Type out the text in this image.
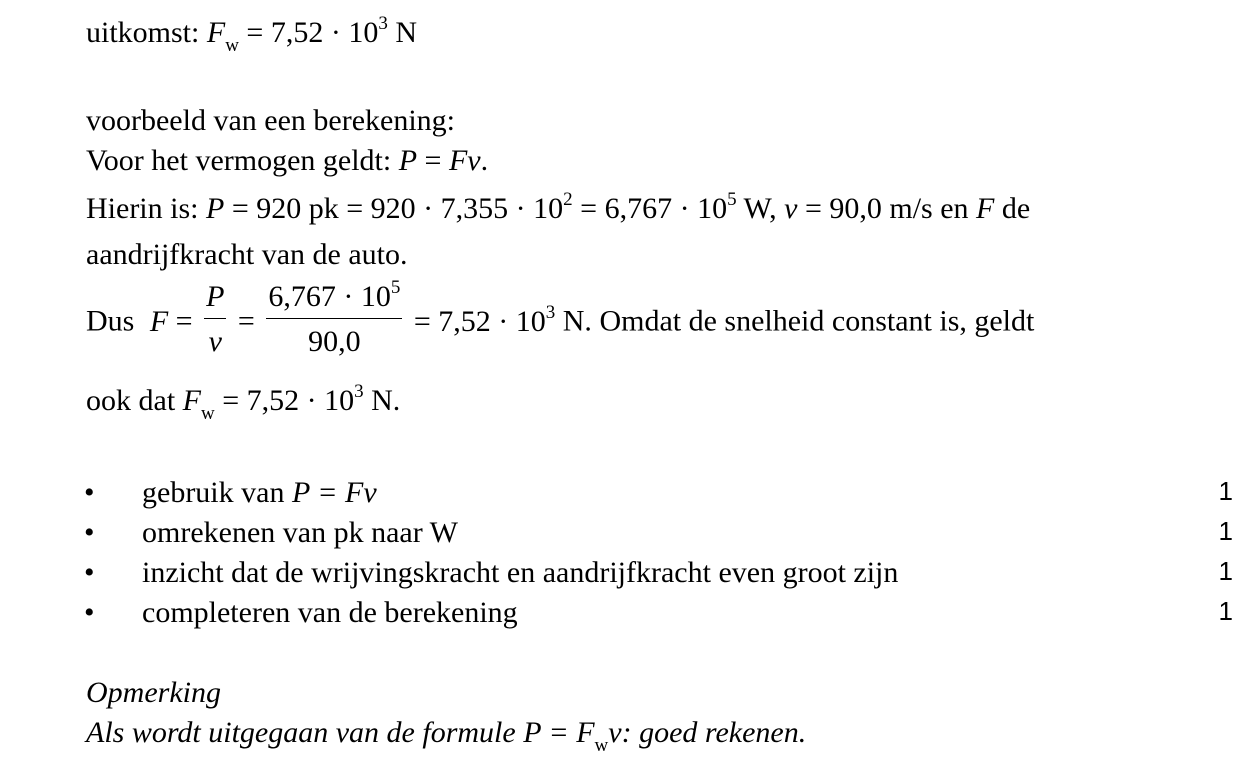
uitkomst: $F_w = 7,52 \cdot 10^3$ N
voorbeeld van een berekening:
Voor het vermogen geldt: P = Fv.
Hierin is: P = 920 pk = $920 \cdot 7,355 \cdot 10^2 = 6,767 \cdot 10^5$ W, v = 90,0 m/s en F de
aandrijfkracht van de auto.
Dus $F = \frac{P}{v} = \frac{6,767 \cdot 10^5}{90,0} = 7,52 \cdot 10^3$ N. Omdat de snelheid constant is, geldt
ook dat $F_w = 7,52 \cdot 10^3$ N.
• gebruik van P = Fv	1
• omrekenen van pk naar W	1
• inzicht dat de wrijvingskracht en aandrijfkracht even groot zijn	1
• completeren van de berekening	1
Opmerking
Als wordt uitgegaan van de formule $P = F_wv$: goed rekenen.
